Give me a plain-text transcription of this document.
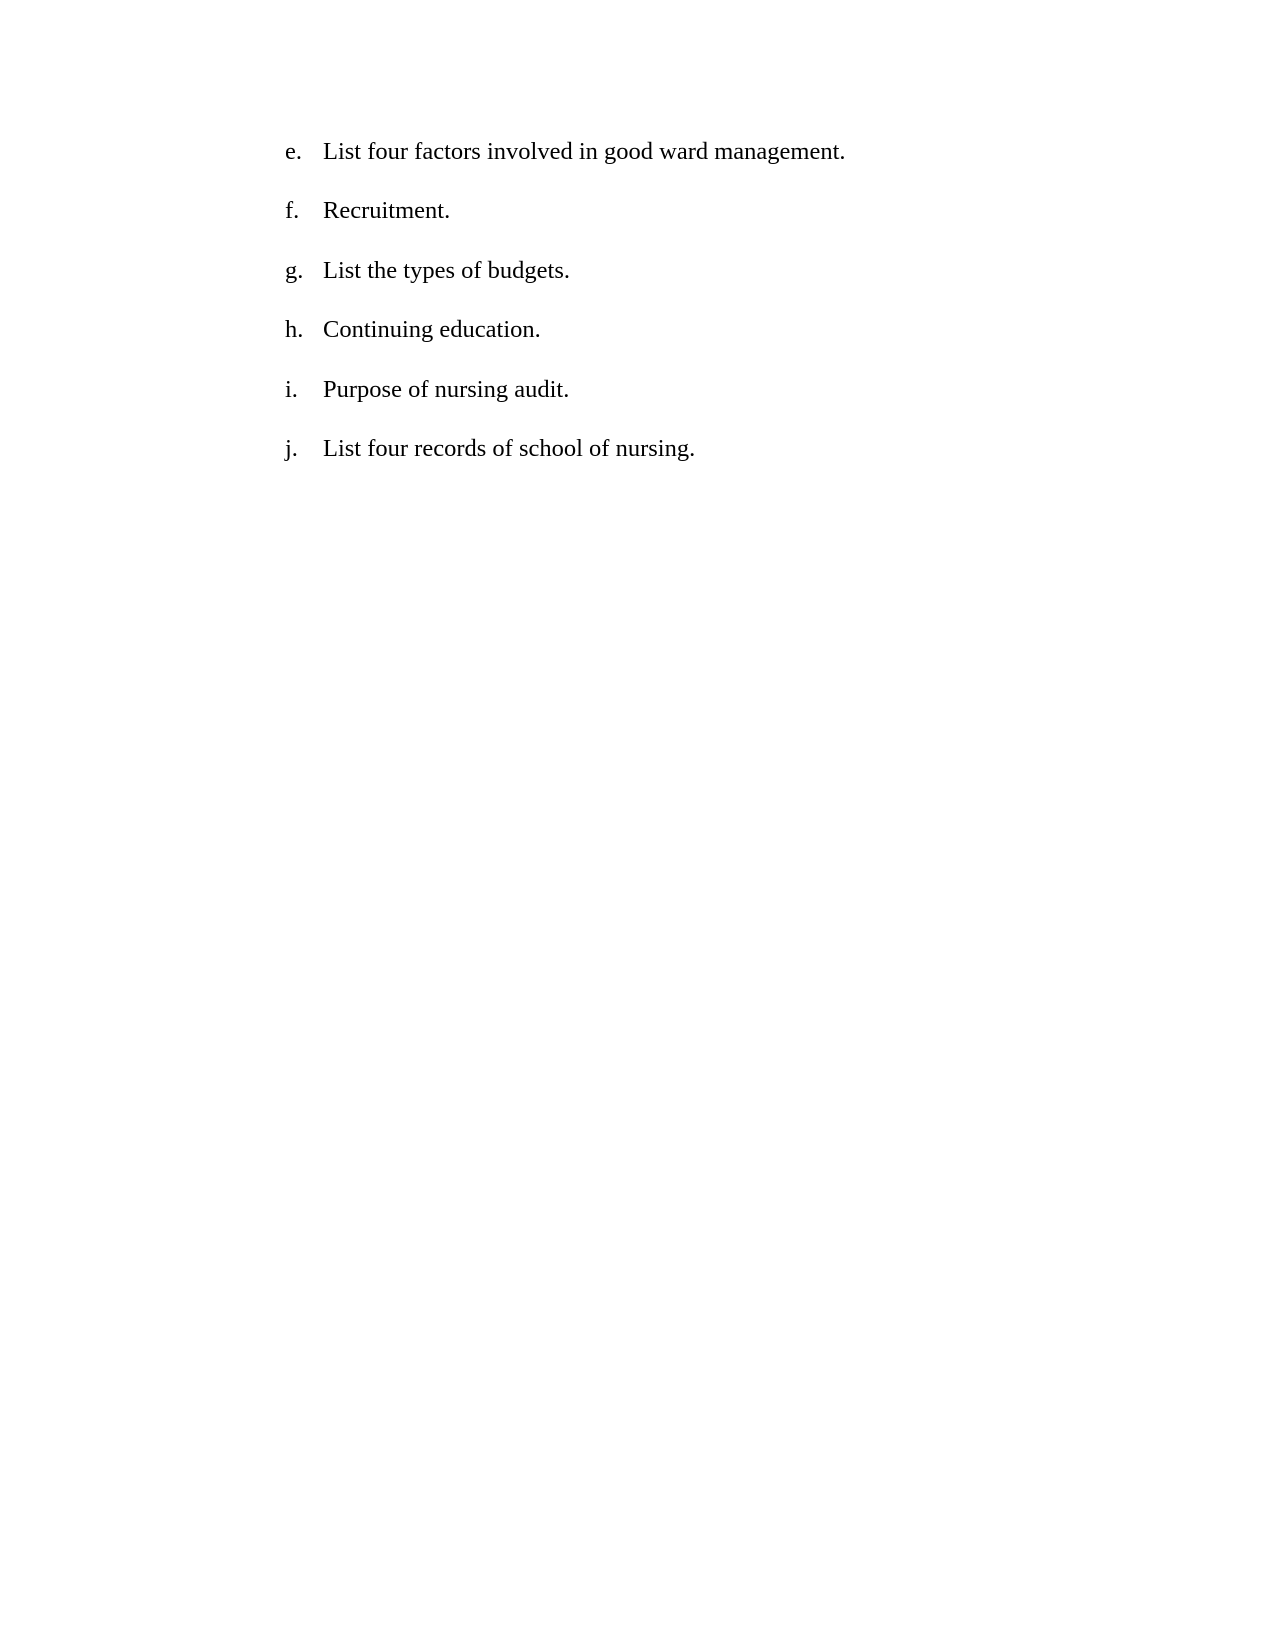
e. List four factors involved in good ward management.
f. Recruitment.
g. List the types of budgets.
h. Continuing education.
i.	Purpose of nursing audit.
j.	List four records of school of nursing.
